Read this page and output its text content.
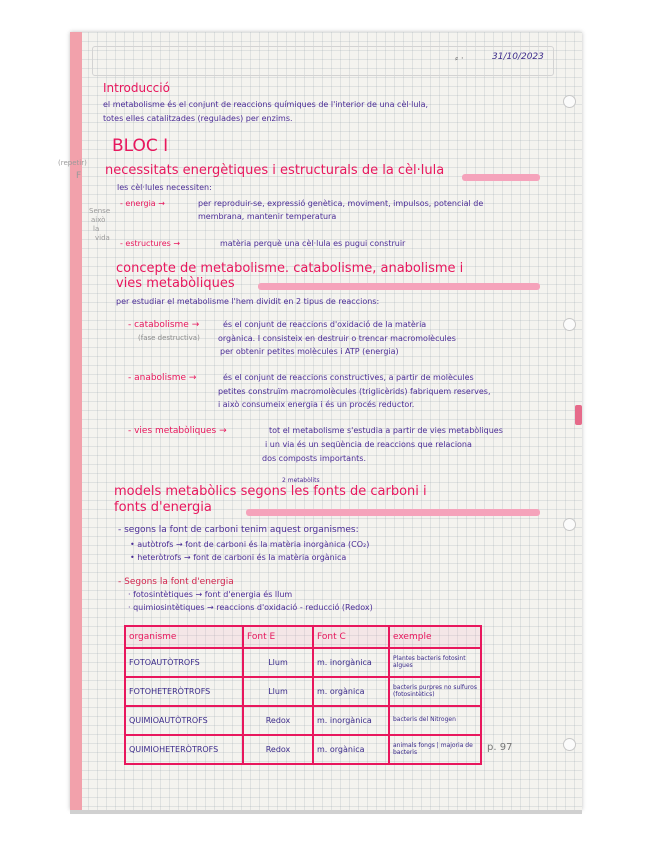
⸗ ·	31/10/2023
Introducció
el metabolisme és el conjunt de reaccions químiques de l'interior de una cèl·lula,
totes elles catalitzades (regulades) per enzims.
BLOC I
(repetir)
F
Sense
això
la
vida
necessitats energètiques i estructurals de la cèl·lula
les cèl·lules necessiten:
- energia →	per reproduir-se, expressió genètica, moviment, impulsos, potencial de
membrana, mantenir temperatura
- estructures →	matèria perquè una cèl·lula es pugui construir
concepte de metabolisme. catabolisme, anabolisme i
vies metabòliques
per estudiar el metabolisme l'hem dividit en 2 tipus de reaccions:
- catabolisme →	és el conjunt de reaccions d'oxidació de la matèria
(fase destructiva) orgànica. I consisteix en destruir o trencar macromolècules
per obtenir petites molècules i ATP (energia)
- anabolisme →	és el conjunt de reaccions constructives, a partir de molècules
petites construïm macromolècules (triglicèrids) fabriquem reserves,
i això consumeix energia i és un procés reductor.
- vies metabòliques →	tot el metabolisme s'estudia a partir de vies metabòliques
i un via és un seqüència de reaccions que relaciona
dos composts importants.
2 metabòlits
models metabòlics segons les fonts de carboni i
fonts d'energia
- segons la font de carboni tenim aquest organismes:
• autòtrofs → font de carboni és la matèria inorgànica (CO₂)
• heteròtrofs → font de carboni és la matèria orgànica
- Segons la font d'energia
· fotosintètiques → font d'energia és llum
· quimiosintètiques → reaccions d'oxidació - reducció (Redox)
organisme	Font E	Font C	exemple
FOTOAUTÒTROFS	Llum	m. inorgànica	Plantes bacteris fotosint algues
FOTOHETERÒTROFS	Llum	m. orgànica	bacteris purpres no sulfuros (fotosintètics)
QUIMIOAUTÒTROFS	Redox	m. inorgànica	bacteris del Nitrogen
QUIMIOHETERÒTROFS	Redox	m. orgànica	animals fongs | majoria de bacteris	p. 97
